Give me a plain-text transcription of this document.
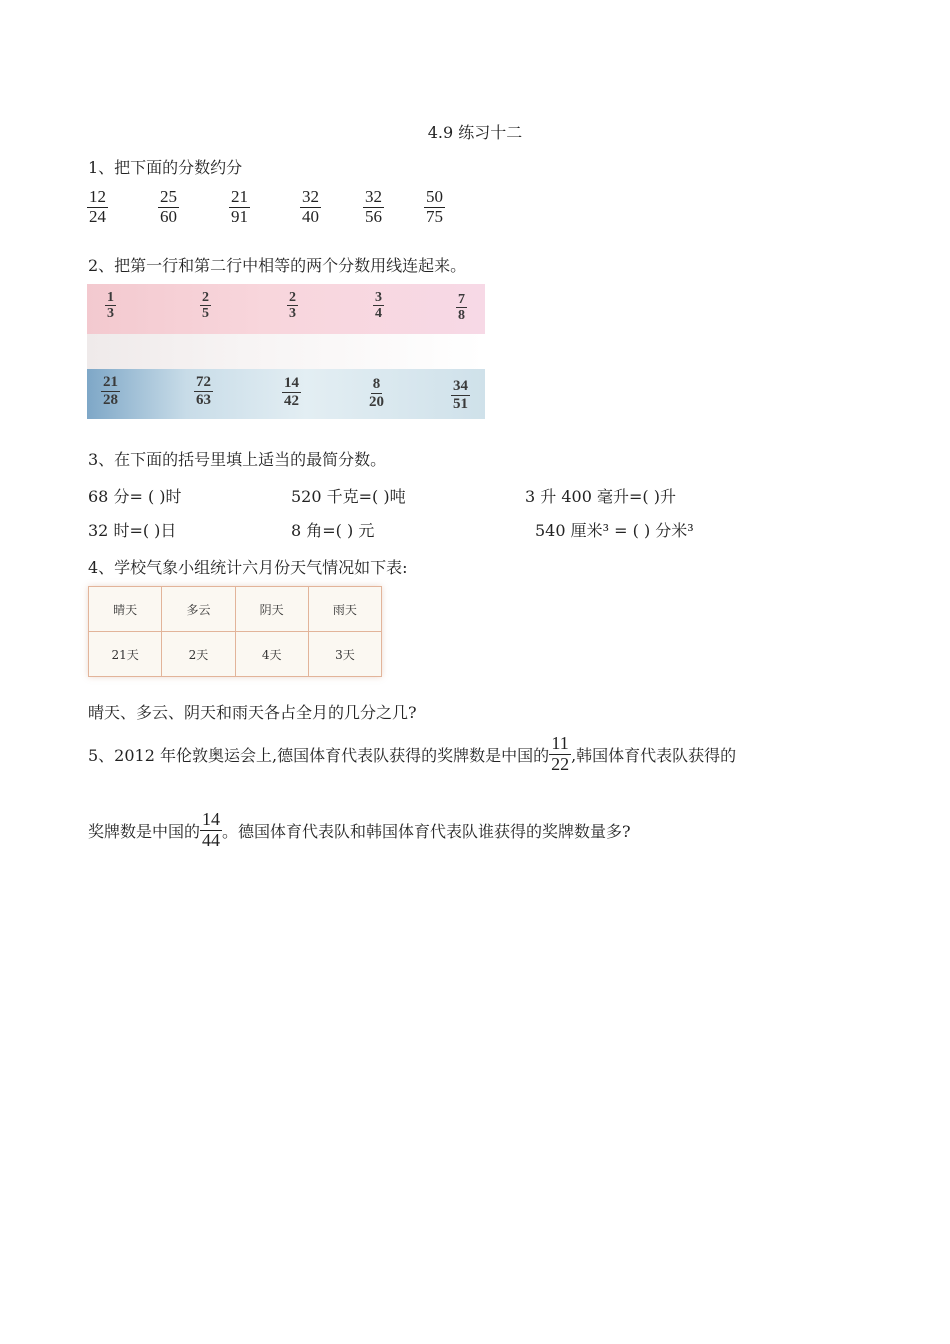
4.9 练习十二
1、把下面的分数约分
$\frac{12}{24}$	$\frac{25}{60}$	$\frac{21}{91}$	$\frac{32}{40} \frac{32}{56} \frac{50}{75}$
2、把第一行和第二行中相等的两个分数用线连起来。
$\frac{1}{3}$	$\frac{2}{5}$	$\frac{2}{3}$	$\frac{3}{4}$	$\frac{7}{8}$
$\frac{21}{28}$	$\frac{72}{63}$	$\frac{14}{42}$	$\frac{8}{20}$	$\frac{34}{51}$
3、在下面的括号里填上适当的最简分数。
68 分= ( )时	520 千克=( )吨	3 升 400 毫升=( )升
32 时=( )日	8 角=( ) 元	540 厘米³ = ( ) 分米³
4、学校气象小组统计六月份天气情况如下表:
晴天	多云	阴天	雨天
21天	2天	4天	3天
晴天、多云、阴天和雨天各占全月的几分之几?
5、2012 年伦敦奥运会上,德国体育代表队获得的奖牌数是中国的 $\frac{11}{22}$ ,韩国体育代表队获得的
奖牌数是中国的 $\frac{14}{44}$ 。德国体育代表队和韩国体育代表队谁获得的奖牌数量多?
